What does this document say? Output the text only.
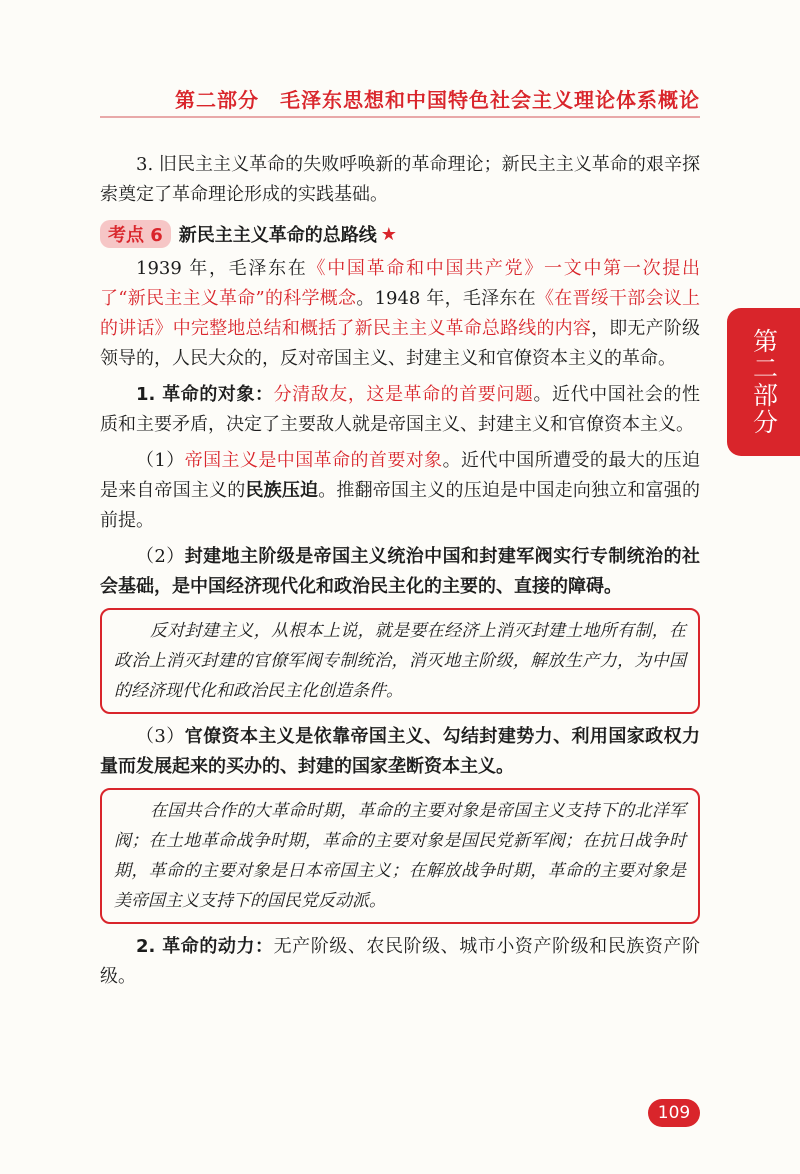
第二部分　毛泽东思想和中国特色社会主义理论体系概论
第二部分

3. 旧民主主义革命的失败呼唤新的革命理论；新民主主义革命的艰辛探索奠定了革命理论形成的实践基础。

考点 6 新民主主义革命的总路线 ★

1939 年，毛泽东在《中国革命和中国共产党》一文中第一次提出了“新民主主义革命”的科学概念。1948 年，毛泽东在《在晋绥干部会议上的讲话》中完整地总结和概括了新民主主义革命总路线的内容，即无产阶级领导的，人民大众的，反对帝国主义、封建主义和官僚资本主义的革命。

1. 革命的对象：分清敌友，这是革命的首要问题。近代中国社会的性质和主要矛盾，决定了主要敌人就是帝国主义、封建主义和官僚资本主义。

（1）帝国主义是中国革命的首要对象。近代中国所遭受的最大的压迫是来自帝国主义的民族压迫。推翻帝国主义的压迫是中国走向独立和富强的前提。

（2）封建地主阶级是帝国主义统治中国和封建军阀实行专制统治的社会基础，是中国经济现代化和政治民主化的主要的、直接的障碍。

反对封建主义，从根本上说，就是要在经济上消灭封建土地所有制，在政治上消灭封建的官僚军阀专制统治，消灭地主阶级，解放生产力，为中国的经济现代化和政治民主化创造条件。

（3）官僚资本主义是依靠帝国主义、勾结封建势力、利用国家政权力量而发展起来的买办的、封建的国家垄断资本主义。

在国共合作的大革命时期，革命的主要对象是帝国主义支持下的北洋军阀；在土地革命战争时期，革命的主要对象是国民党新军阀；在抗日战争时期，革命的主要对象是日本帝国主义；在解放战争时期，革命的主要对象是美帝国主义支持下的国民党反动派。

2. 革命的动力：无产阶级、农民阶级、城市小资产阶级和民族资产阶级。

109
